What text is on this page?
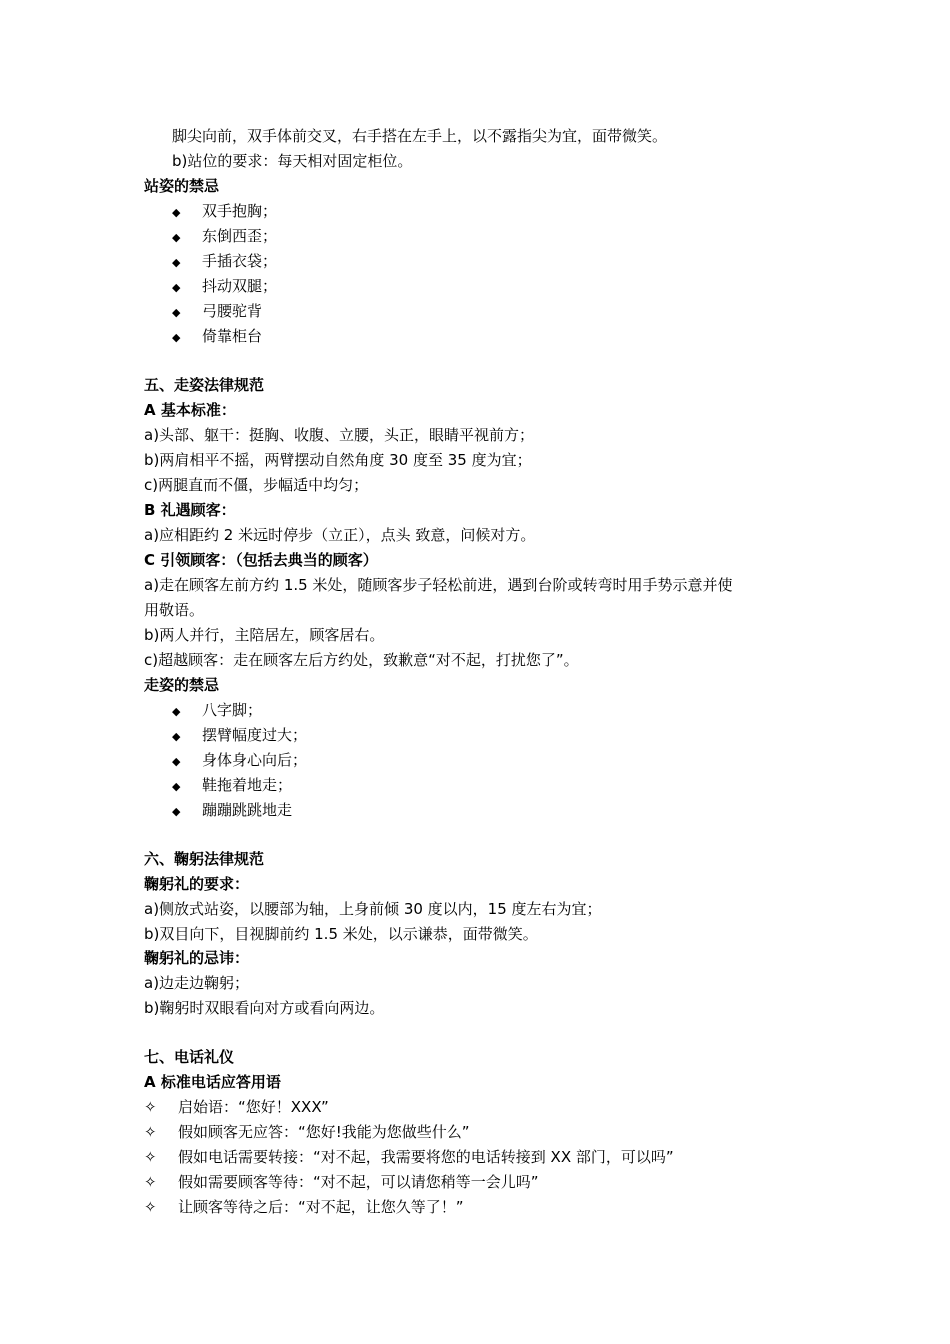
脚尖向前，双手体前交叉，右手搭在左手上，以不露指尖为宜，面带微笑。
b)站位的要求：每天相对固定柜位。
站姿的禁忌
◆ 双手抱胸；
◆ 东倒西歪；
◆ 手插衣袋；
◆ 抖动双腿；
◆ 弓腰驼背
◆ 倚靠柜台
五、走姿法律规范
A 基本标准：
a)头部、躯干：挺胸、收腹、立腰，头正，眼睛平视前方；
b)两肩相平不摇，两臂摆动自然角度 30 度至 35 度为宜；
c)两腿直而不僵，步幅适中均匀；
B 礼遇顾客：
a)应相距约 2 米远时停步（立正），点头 致意，问候对方。
C 引领顾客：（包括去典当的顾客）
a)走在顾客左前方约 1.5 米处，随顾客步子轻松前进，遇到台阶或转弯时用手势示意并使
用敬语。
b)两人并行，主陪居左，顾客居右。
c)超越顾客：走在顾客左后方约处，致歉意“对不起，打扰您了”。
走姿的禁忌
◆ 八字脚；
◆ 摆臂幅度过大；
◆ 身体身心向后；
◆ 鞋拖着地走；
◆ 蹦蹦跳跳地走
六、鞠躬法律规范
鞠躬礼的要求：
a)侧放式站姿，以腰部为轴，上身前倾 30 度以内，15 度左右为宜；
b)双目向下，目视脚前约 1.5 米处，以示谦恭，面带微笑。
鞠躬礼的忌讳：
a)边走边鞠躬；
b)鞠躬时双眼看向对方或看向两边。
七、电话礼仪
A 标准电话应答用语
✧ 启始语：“您好！XXX”
✧ 假如顾客无应答：“您好!我能为您做些什么”
✧ 假如电话需要转接：“对不起，我需要将您的电话转接到 XX 部门，可以吗”
✧ 假如需要顾客等待：“对不起，可以请您稍等一会儿吗”
✧ 让顾客等待之后：“对不起，让您久等了！”
